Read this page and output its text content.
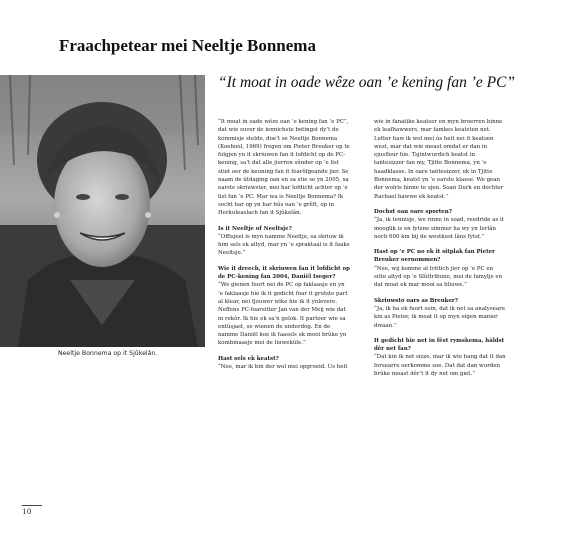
Fraachpetear mei Neeltje Bonnema
Neeltje Bonnema op it Sjûkelân.
“It moat in oade wêze oan ’e kening fan ’e PC”

“It moat in oade wêze oan ’e kening fan ’e PC”, dat wie suver de iennichste betingst dy’t de kommisje stelde, doe’t se Neeltje Bonnema (Koehool, 1969) fregen om Pieter Breuker op te folgjen yn it skriuwen fan it lofdicht op de PC-kening, sa’t dat alle jierren sûnder op ’e list stiet oer de keuning fan it foarôfgeande jier. Se naam de útdaging oan en sa stie se yn 2005, sa earste skriuwster, mei har lofdicht achter op ’e list fan ’e PC. Mar wa is Neeltje Bonnema? Ik socht har op yn har hûs oan ’e grêft, op in Herkuleaslach fan it Sjûkelân.

Is it Neeltje of Neeltsje?

“Offisjeel is myn namme Neeltje, sa skriuw ik him sels ek altyd, mar yn ’e spraktaal is it faaks Neeltsje.”

Wie it dreech, it skriuwen fan it lofdicht op de PC-kening fan 2004, Daniël Iseger?

“We gienen fuort nei de PC op faklaasje en yn ’e faklaasje hie ik it gedicht foar it grutste part al klear, nei fjouwer wike hie ik it ynlevere. Neffens PC-foarsitter Jan van der Meij wie dat in rekôr. Ik hie ek sa’n gelok. It partoer wie sa entûsjast, se wienen de underdog. En de namme Daniël koe ik faasels ek mooi brûke yn kombinaasje mei de liuwekûle.”

Hast sels ek keatst?

“Nee, mar ik bin der wol mei opgroeid. Us heit

wie in fanatike keatser en myn broerren binne ek leafhawwers, mar famkes keatsten net. Letter haw ik wol mei ús heit nei it keatsen west, mar dat wie meast omdat er dan in ejusfleur hie. Tsjintwurdich keatst in tantesizzer fan my, Tjitte Bonnema, yn ’e haadklasse. In oare tantesizzer, ek in Tjitte Bonnema, keatst yn ’e earste klasse. We gean der wolris hinne te sjen. Soan Durk en dochter Rachael hawwe ek keatst.”

Dochst oan oare sporten?

“Ja, ik tennisje, we rinne in soad, reedride as it mooglik is en fytsne simmer ha wy yn Ierlân noch 600 km bij de westkust lâns fytst.”

Hast op ’e PC no ek it sitplak fan Pieter Breuker oernommen?

“Nee, wij komme al trittich jier op ’e PC en sitte altyd op ’e Slûttribune, mei de famylje en dat moat ek mar mooi sa bliuwe.”

Skriuwsto oars as Breuker?

“Ja, ik ha ek fuort sein, dat ik net sa analyseare kin as Pieter, ik moat it op myn eigen manier dwaan.”

It gedicht hie net in fêst rymskema, hâldst dêr net fan?

“Dat kin ik net sizze, mar ik wie bang dat it dan forsearre oerkomme soe. Dat dat dan wurden brûke moast dêr’t it dy net om giet.”

10
